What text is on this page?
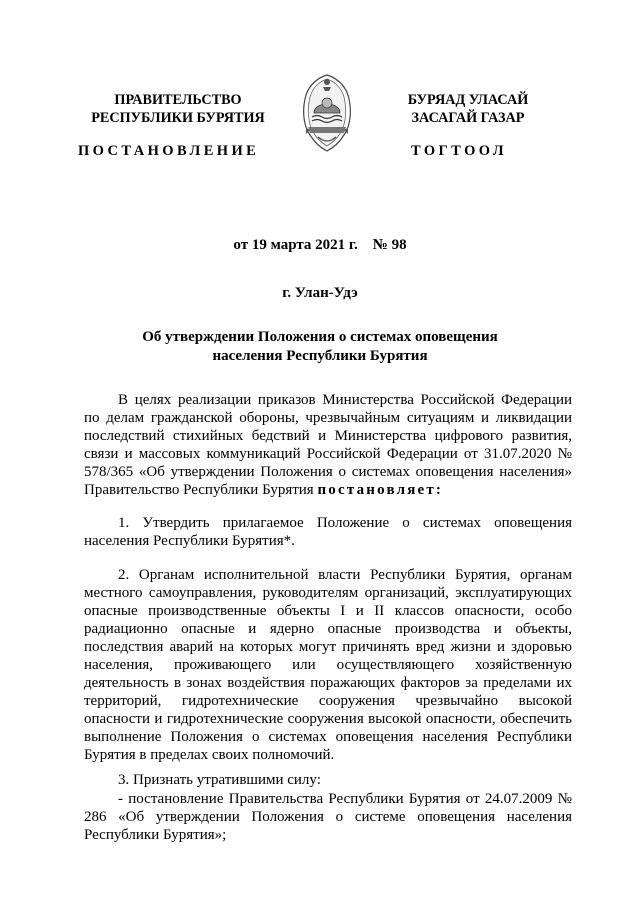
ПРАВИТЕЛЬСТВО
РЕСПУБЛИКИ БУРЯТИЯ
БУРЯАД УЛАСАЙ
ЗАСАГАЙ ГАЗАР
ПОСТАНОВЛЕНИЕ	ТОГТООЛ
от 19 марта 2021 г.    № 98
г. Улан-Удэ
Об утверждении Положения о системах оповещения
населения Республики Бурятия
В целях реализации приказов Министерства Российской Федерации по делам гражданской обороны, чрезвычайным ситуациям и ликвидации последствий стихийных бедствий и Министерства цифрового развития, связи и массовых коммуникаций Российской Федерации от 31.07.2020 № 578/365 «Об утверждении Положения о системах оповещения населения» Правительство Республики Бурятия постановляет:
1. Утвердить прилагаемое Положение о системах оповещения населения Республики Бурятия*.
2. Органам исполнительной власти Республики Бурятия, органам местного самоуправления, руководителям организаций, эксплуатирующих опасные производственные объекты I и II классов опасности, особо радиационно опасные и ядерно опасные производства и объекты, последствия аварий на которых могут причинять вред жизни и здоровью населения, проживающего или осуществляющего хозяйственную деятельность в зонах воздействия поражающих факторов за пределами их территорий, гидротехнические сооружения чрезвычайно высокой опасности и гидротехнические сооружения высокой опасности, обеспечить выполнение Положения о системах оповещения населения Республики Бурятия в пределах своих полномочий.
3. Признать утратившими силу:
- постановление Правительства Республики Бурятия от 24.07.2009 № 286 «Об утверждении Положения о системе оповещения населения Республики Бурятия»;
